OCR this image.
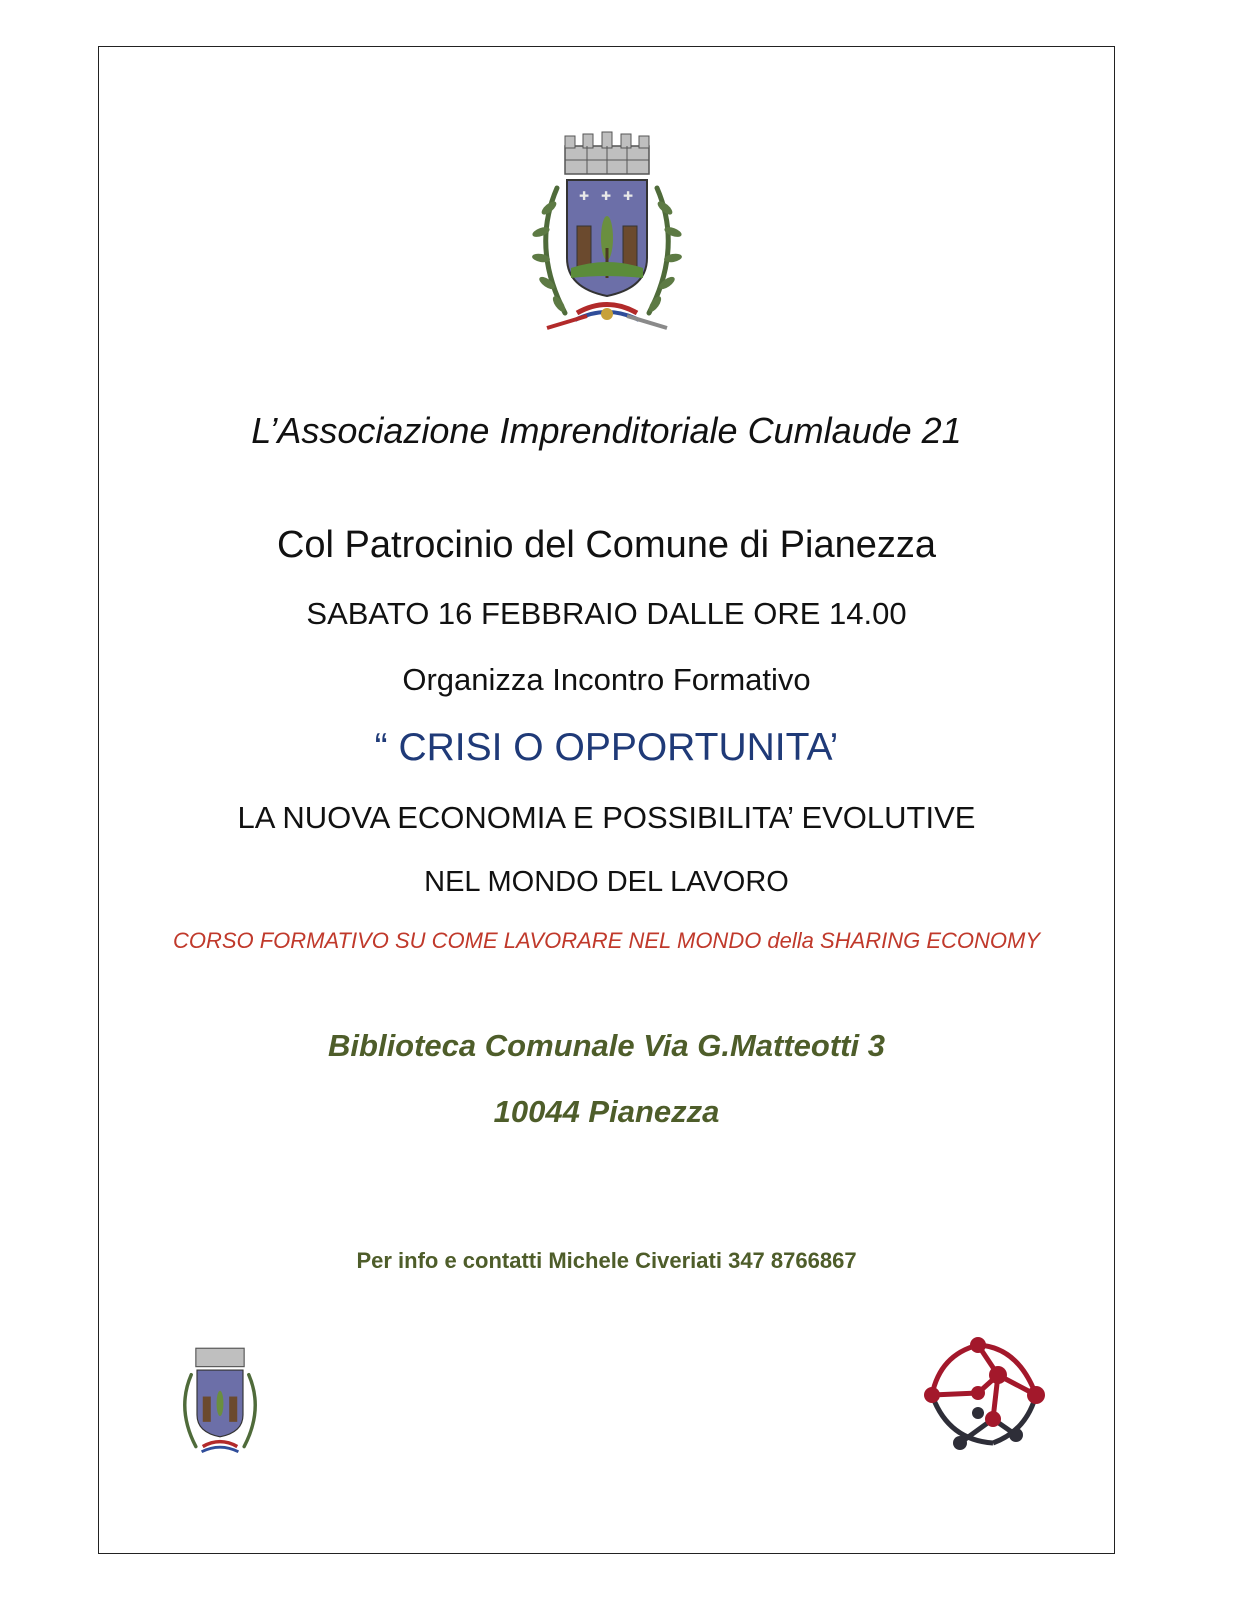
✚ ✚ ✚
L’Associazione Imprenditoriale Cumlaude 21
Col Patrocinio del Comune di Pianezza
SABATO 16 FEBBRAIO DALLE ORE 14.00
Organizza Incontro Formativo
“ CRISI O OPPORTUNITA’
LA NUOVA ECONOMIA E POSSIBILITA’ EVOLUTIVE
NEL MONDO DEL LAVORO
CORSO FORMATIVO SU COME LAVORARE NEL MONDO della SHARING ECONOMY
Biblioteca Comunale Via G.Matteotti 3
10044 Pianezza
Per info e contatti Michele Civeriati 347 8766867
